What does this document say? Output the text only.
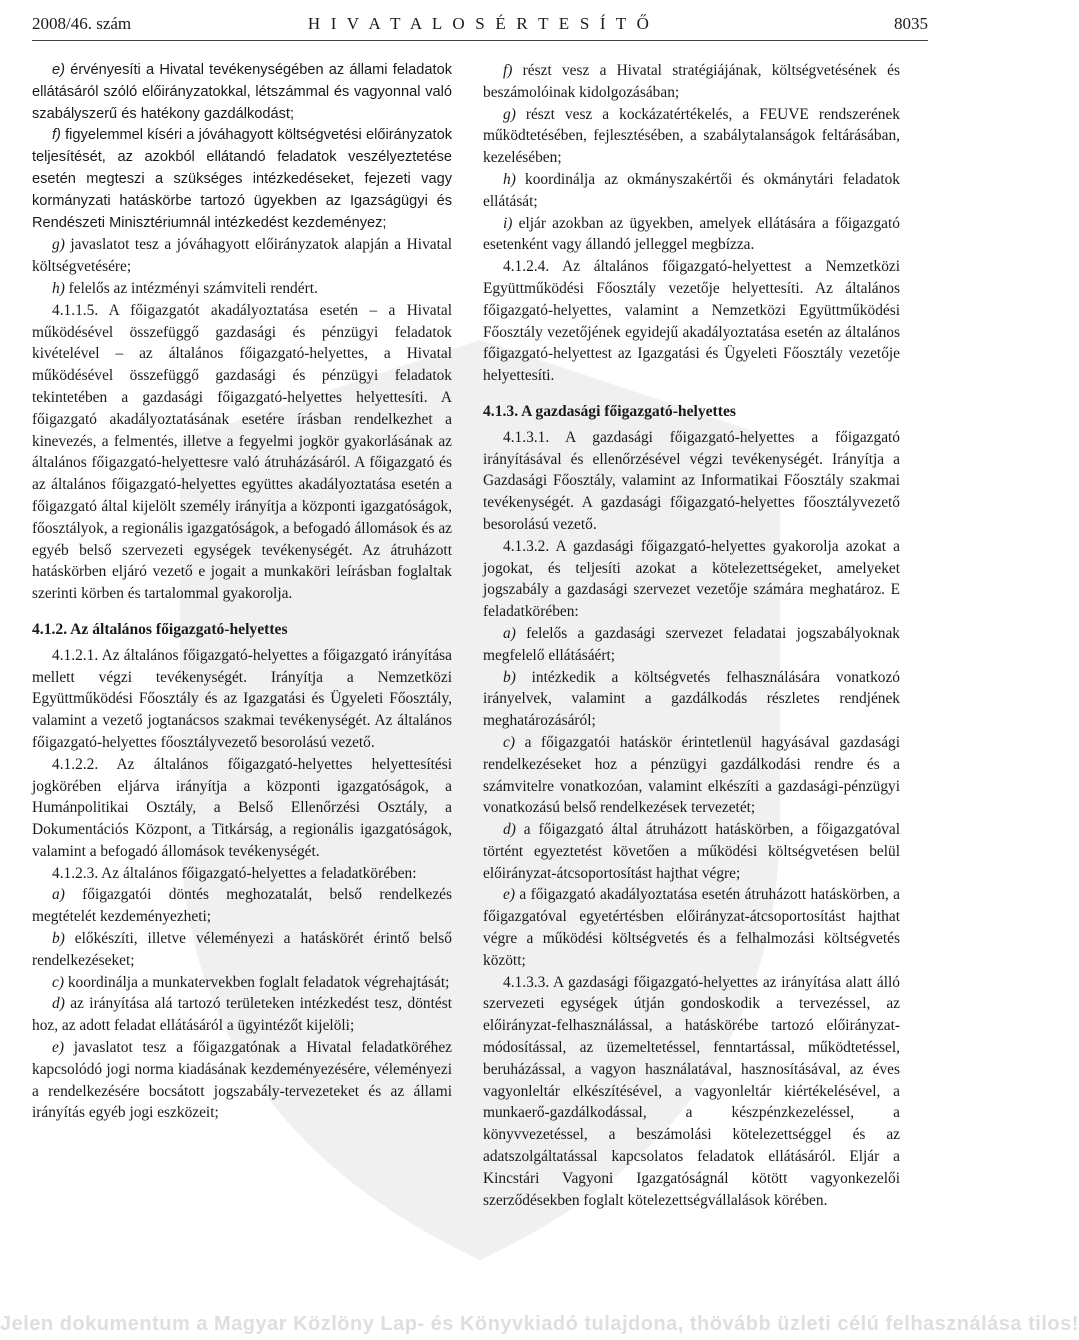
2008/46. szám	H I V A T A L O S É R T E S Í T Ő	8035

e) érvényesíti a Hivatal tevékenységében az állami feladatok ellátásáról szóló előirányzatokkal, létszámmal és vagyonnal való szabályszerű és hatékony gazdálkodást;

f) figyelemmel kíséri a jóváhagyott költségvetési előirányzatok teljesítését, az azokból ellátandó feladatok veszélyeztetése esetén megteszi a szükséges intézkedéseket, fejezeti vagy kormányzati hatáskörbe tartozó ügyekben az Igazságügyi és Rendészeti Minisztériumnál intézkedést kezdeményez;

g) javaslatot tesz a jóváhagyott előirányzatok alapján a Hivatal költségvetésére;

h) felelős az intézményi számviteli rendért.

4.1.1.5. A főigazgatót akadályoztatása esetén – a Hivatal működésével összefüggő gazdasági és pénzügyi feladatok kivételével – az általános főigazgató-helyettes, a Hivatal működésével összefüggő gazdasági és pénzügyi feladatok tekintetében a gazdasági főigazgató-helyettes helyettesíti. A főigazgató akadályoztatásának esetére írásban rendelkezhet a kinevezés, a felmentés, illetve a fegyelmi jogkör gyakorlásának az általános főigazgató-helyettesre való átruházásáról. A főigazgató és az általános főigazgató-helyettes együttes akadályoztatása esetén a főigazgató által kijelölt személy irányítja a központi igazgatóságok, főosztályok, a regionális igazgatóságok, a befogadó állomások és az egyéb belső szervezeti egységek tevékenységét. Az átruházott hatáskörben eljáró vezető e jogait a munkaköri leírásban foglaltak szerinti körben és tartalommal gyakorolja.

4.1.2. Az általános főigazgató-helyettes

4.1.2.1. Az általános főigazgató-helyettes a főigazgató irányítása mellett végzi tevékenységét. Irányítja a Nemzetközi Együttműködési Főosztály és az Igazgatási és Ügyeleti Főosztály, valamint a vezető jogtanácsos szakmai tevékenységét. Az általános főigazgató-helyettes főosztályvezető besorolású vezető.

4.1.2.2. Az általános főigazgató-helyettes helyettesítési jogkörében eljárva irányítja a központi igazgatóságok, a Humánpolitikai Osztály, a Belső Ellenőrzési Osztály, a Dokumentációs Központ, a Titkárság, a regionális igazgatóságok, valamint a befogadó állomások tevékenységét.

4.1.2.3. Az általános főigazgató-helyettes a feladatkörében:

a) főigazgatói döntés meghozatalát, belső rendelkezés megtételét kezdeményezheti;

b) előkészíti, illetve véleményezi a hatáskörét érintő belső rendelkezéseket;

c) koordinálja a munkatervekben foglalt feladatok végrehajtását;

d) az irányítása alá tartozó területeken intézkedést tesz, döntést hoz, az adott feladat ellátásáról a ügyintézőt kijelöli;

e) javaslatot tesz a főigazgatónak a Hivatal feladatköréhez kapcsolódó jogi norma kiadásának kezdeményezésére, véleményezi a rendelkezésére bocsátott jogszabály-tervezeteket és az állami irányítás egyéb jogi eszközeit;

f) részt vesz a Hivatal stratégiájának, költségvetésének és beszámolóinak kidolgozásában;

g) részt vesz a kockázatértékelés, a FEUVE rendszerének működtetésében, fejlesztésében, a szabálytalanságok feltárásában, kezelésében;

h) koordinálja az okmányszakértői és okmánytári feladatok ellátását;

i) eljár azokban az ügyekben, amelyek ellátására a főigazgató esetenként vagy állandó jelleggel megbízza.

4.1.2.4. Az általános főigazgató-helyettest a Nemzetközi Együttműködési Főosztály vezetője helyettesíti. Az általános főigazgató-helyettes, valamint a Nemzetközi Együttműködési Főosztály vezetőjének egyidejű akadályoztatása esetén az általános főigazgató-helyettest az Igazgatási és Ügyeleti Főosztály vezetője helyettesíti.

4.1.3. A gazdasági főigazgató-helyettes

4.1.3.1. A gazdasági főigazgató-helyettes a főigazgató irányításával és ellenőrzésével végzi tevékenységét. Irányítja a Gazdasági Főosztály, valamint az Informatikai Főosztály szakmai tevékenységét. A gazdasági főigazgató-helyettes főosztályvezető besorolású vezető.

4.1.3.2. A gazdasági főigazgató-helyettes gyakorolja azokat a jogokat, és teljesíti azokat a kötelezettségeket, amelyeket jogszabály a gazdasági szervezet vezetője számára meghatároz. E feladatkörében:

a) felelős a gazdasági szervezet feladatai jogszabályoknak megfelelő ellátásáért;

b) intézkedik a költségvetés felhasználására vonatkozó irányelvek, valamint a gazdálkodás részletes rendjének meghatározásáról;

c) a főigazgatói hatáskör érintetlenül hagyásával gazdasági rendelkezéseket hoz a pénzügyi gazdálkodási rendre és a számvitelre vonatkozóan, valamint elkészíti a gazdasági-pénzügyi vonatkozású belső rendelkezések tervezetét;

d) a főigazgató által átruházott hatáskörben, a főigazgatóval történt egyeztetést követően a működési költségvetésen belül előirányzat-átcsoportosítást hajthat végre;

e) a főigazgató akadályoztatása esetén átruházott hatáskörben, a főigazgatóval egyetértésben előirányzat-átcsoportosítást hajthat végre a működési költségvetés és a felhalmozási költségvetés között;

4.1.3.3. A gazdasági főigazgató-helyettes az irányítása alatt álló szervezeti egységek útján gondoskodik a tervezéssel, az előirányzat-felhasználással, a hatáskörébe tartozó előirányzat-módosítással, az üzemeltetéssel, fenntartással, működtetéssel, beruházással, a vagyon használatával, hasznosításával, az éves vagyonleltár elkészítésével, a vagyonleltár kiértékelésével, a munkaerő-gazdálkodással, a készpénzkezeléssel, a könyvvezetéssel, a beszámolási kötelezettséggel és az adatszolgáltatással kapcsolatos feladatok ellátásáról. Eljár a Kincstári Vagyoni Igazgatóságnál kötött vagyonkezelői szerződésekben foglalt kötelezettségvállalások körében.

Jelen dokumentum a Magyar Közlöny Lap- és Könyvkiadó tulajdona, thövább üzleti célú felhasználása tilos!
